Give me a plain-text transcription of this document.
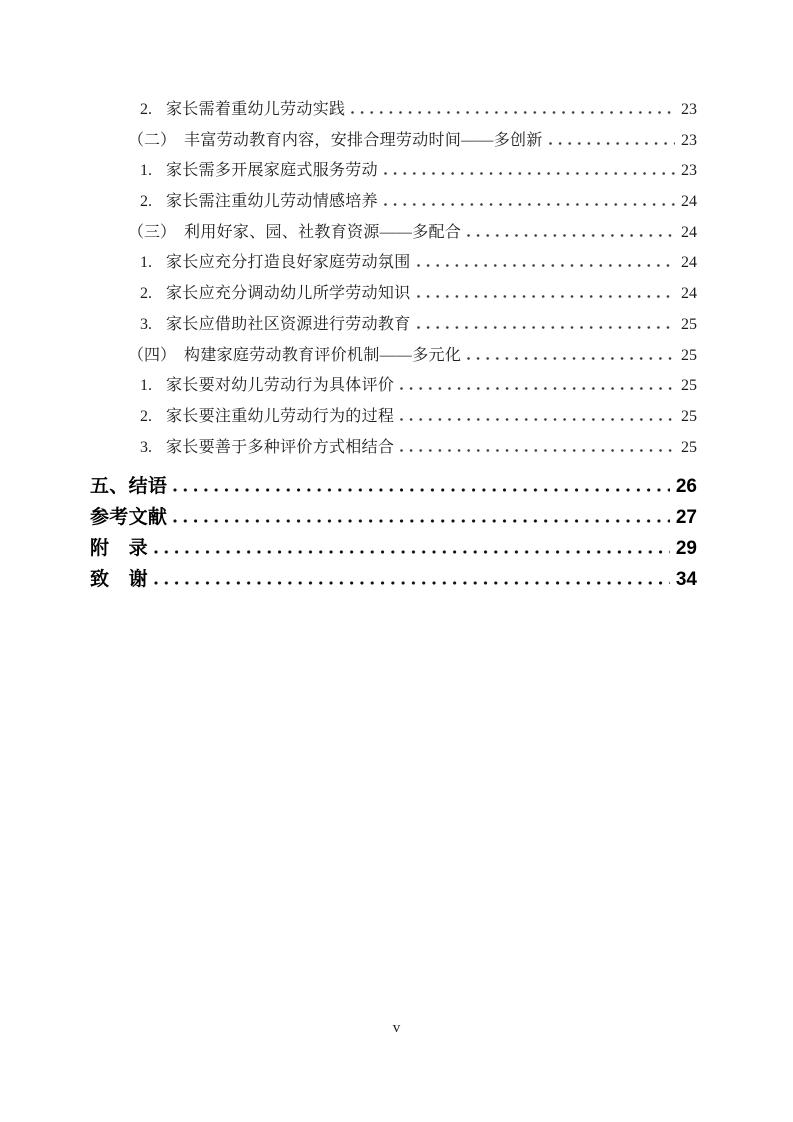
2. 家长需着重幼儿劳动实践	23
（二） 丰富劳动教育内容，安排合理劳动时间——多创新	23
1. 家长需多开展家庭式服务劳动	23
2. 家长需注重幼儿劳动情感培养	24
（三） 利用好家、园、社教育资源——多配合	24
1. 家长应充分打造良好家庭劳动氛围	24
2. 家长应充分调动幼儿所学劳动知识	24
3. 家长应借助社区资源进行劳动教育	25
（四） 构建家庭劳动教育评价机制——多元化	25
1. 家长要对幼儿劳动行为具体评价	25
2. 家长要注重幼儿劳动行为的过程	25
3. 家长要善于多种评价方式相结合	25
五、结语	26
参考文献	27
附　录	29
致　谢	34
v
